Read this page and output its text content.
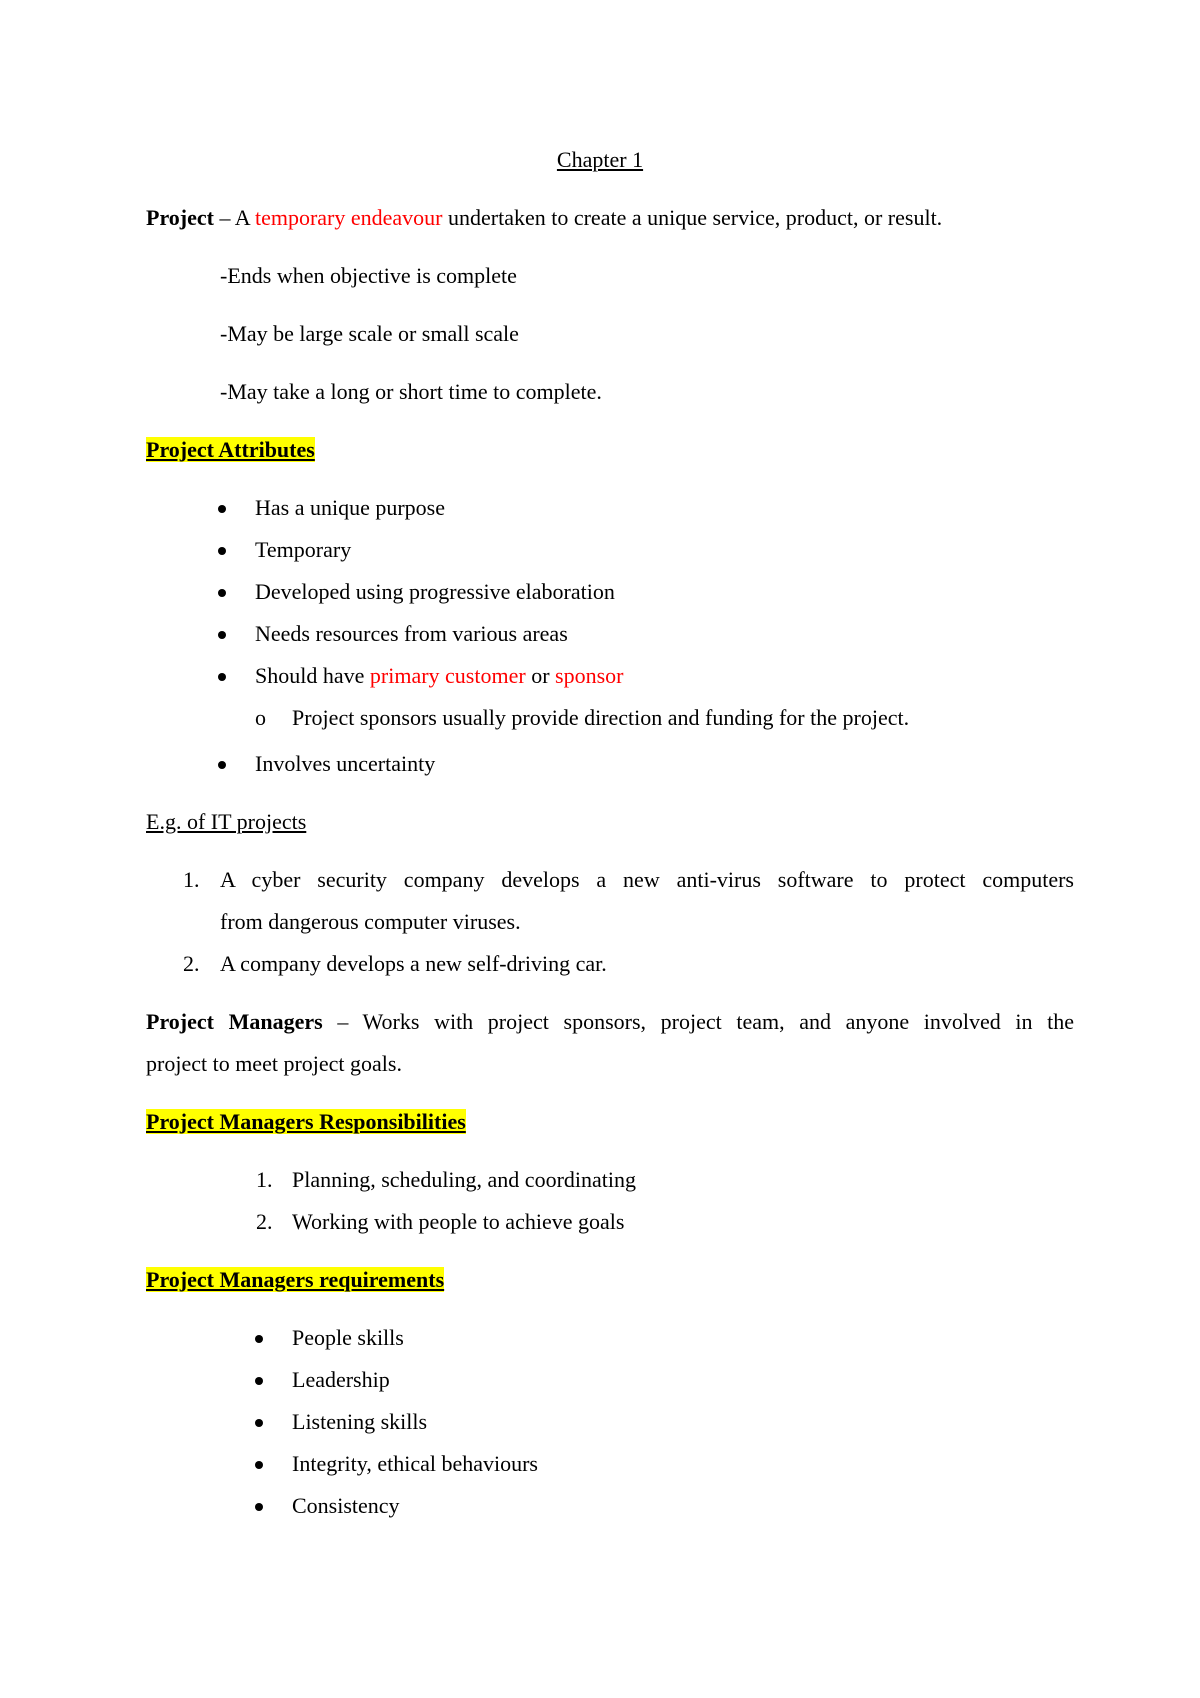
Chapter 1
Project – A temporary endeavour undertaken to create a unique service, product, or result.
-Ends when objective is complete
-May be large scale or small scale
-May take a long or short time to complete.
Project Attributes
Has a unique purpose
Temporary
Developed using progressive elaboration
Needs resources from various areas
Should have primary customer or sponsor
o Project sponsors usually provide direction and funding for the project.
Involves uncertainty
E.g. of IT projects
1. A cyber security company develops a new anti-virus software to protect computers
from dangerous computer viruses.
2. A company develops a new self-driving car.
Project Managers – Works with project sponsors, project team, and anyone involved in the
project to meet project goals.
Project Managers Responsibilities
1. Planning, scheduling, and coordinating
2. Working with people to achieve goals
Project Managers requirements
People skills
Leadership
Listening skills
Integrity, ethical behaviours
Consistency
